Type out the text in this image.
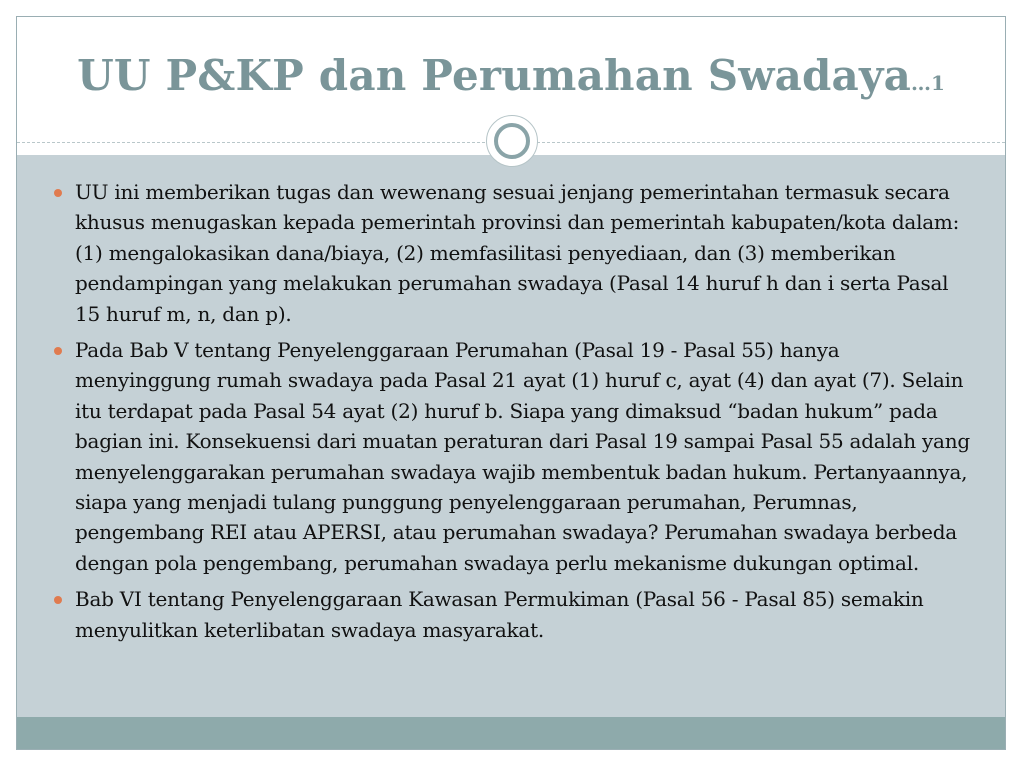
UU P&KP dan Perumahan Swadaya…1
UU ini memberikan tugas dan wewenang sesuai jenjang pemerintahan termasuk secara khusus menugaskan kepada pemerintah provinsi dan pemerintah kabupaten/kota dalam: (1) mengalokasikan dana/biaya, (2) memfasilitasi penyediaan, dan (3) memberikan pendampingan yang melakukan perumahan swadaya (Pasal 14 huruf h dan i serta Pasal 15 huruf m, n, dan p).
Pada Bab V tentang Penyelenggaraan Perumahan (Pasal 19 - Pasal 55) hanya menyinggung rumah swadaya pada Pasal 21 ayat (1) huruf c, ayat (4) dan ayat (7). Selain itu terdapat pada Pasal 54 ayat (2) huruf b. Siapa yang dimaksud “badan hukum” pada bagian ini. Konsekuensi dari muatan peraturan dari Pasal 19 sampai Pasal 55 adalah yang menyelenggarakan perumahan swadaya wajib membentuk badan hukum. Pertanyaannya, siapa yang menjadi tulang punggung penyelenggaraan perumahan, Perumnas, pengembang REI atau APERSI, atau perumahan swadaya? Perumahan swadaya berbeda dengan pola pengembang, perumahan swadaya perlu mekanisme dukungan optimal.
Bab VI tentang Penyelenggaraan Kawasan Permukiman (Pasal 56 - Pasal 85) semakin menyulitkan keterlibatan swadaya masyarakat.
